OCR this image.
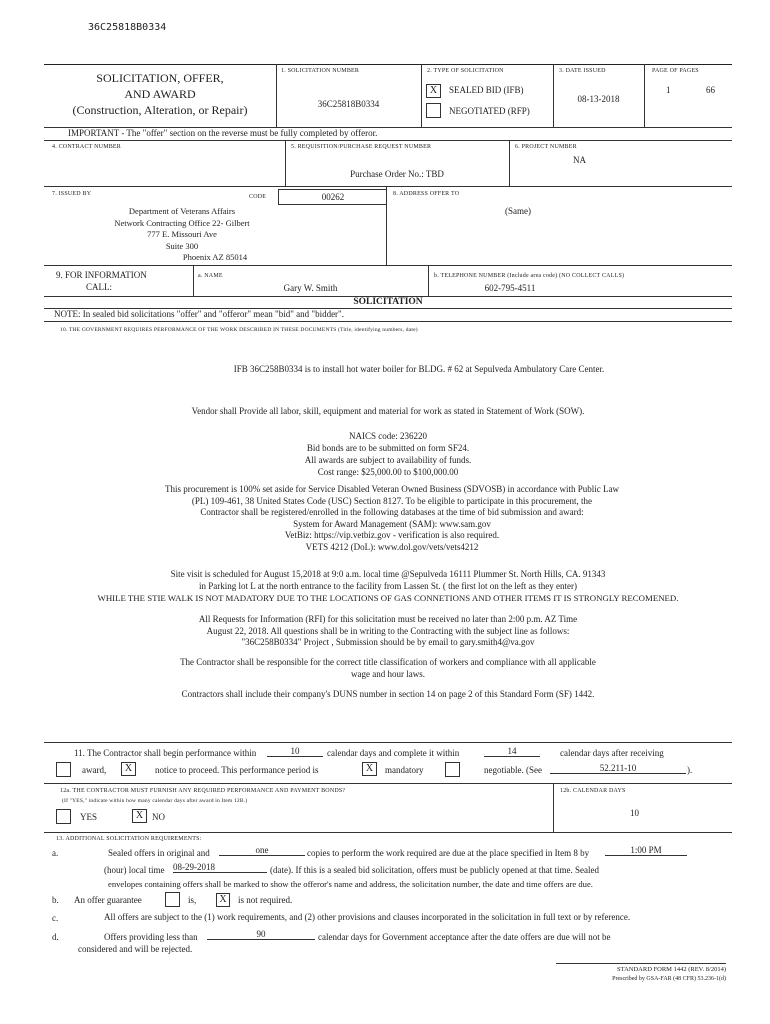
36C25818B0334
SOLICITATION, OFFER,
AND AWARD
(Construction, Alteration, or Repair)
1. SOLICITATION NUMBER
36C25818B0334
2. TYPE OF SOLICITATION
X	SEALED BID (IFB)
NEGOTIATED (RFP)
3. DATE ISSUED
08-13-2018
PAGE OF PAGES
1	66
IMPORTANT - The "offer" section on the reverse must be fully completed by offeror.
4. CONTRACT NUMBER	5. REQUISITION/PURCHASE REQUEST NUMBER
Purchase Order No.: TBD
6. PROJECT NUMBER
NA
7. ISSUED BY	CODE	00262	8. ADDRESS OFFER TO
(Same)
Department of Veterans Affairs
Network Contracting Office 22- Gilbert
777 E. Missouri Ave
Suite 300
Phoenix AZ 85014
9. FOR INFORMATION
CALL:
a. NAME
Gary W. Smith
b. TELEPHONE NUMBER (Include area code) (NO COLLECT CALLS)
602-795-4511
SOLICITATION
NOTE: In sealed bid solicitations "offer" and "offeror" mean "bid" and "bidder".
10. THE GOVERNMENT REQUIRES PERFORMANCE OF THE WORK DESCRIBED IN THESE DOCUMENTS (Title, identifying numbers, date)
IFB 36C258B0334 is to install hot water boiler for BLDG. # 62 at Sepulveda Ambulatory Care Center.
Vendor shall Provide all labor, skill, equipment and material for work as stated in Statement of Work (SOW).
NAICS code: 236220
Bid bonds are to be submitted on form SF24.
All awards are subject to availability of funds.
Cost range: $25,000.00 to $100,000.00
This procurement is 100% set aside for Service Disabled Veteran Owned Business (SDVOSB) in accordance with Public Law
(PL) 109-461, 38 United States Code (USC) Section 8127. To be eligible to participate in this procurement, the
Contractor shall be registered/enrolled in the following databases at the time of bid submission and award:
System for Award Management (SAM): www.sam.gov
VetBiz: https://vip.vetbiz.gov - verification is also required.
VETS 4212 (DoL): www.dol.gov/vets/vets4212
Site visit is scheduled for August 15,2018 at 9:0 a.m. local time @Sepulveda 16111 Plummer St. North Hills, CA. 91343
in Parking lot L at the north entrance to the facility from Lassen St. ( the first lot on the left as they enter)
WHILE THE STIE WALK IS NOT MADATORY DUE TO THE LOCATIONS OF GAS CONNETIONS AND OTHER ITEMS IT IS STRONGLY RECOMENED.
All Requests for Information (RFI) for this solicitation must be received no later than 2:00 p.m. AZ Time
August 22, 2018. All questions shall be in writing to the Contracting with the subject line as follows:
"36C258B0334" Project , Submission should be by email to gary.smith4@va.gov
The Contractor shall be responsible for the correct title classification of workers and compliance with all applicable
wage and hour laws.
Contractors shall include their company's DUNS number in section 14 on page 2 of this Standard Form (SF) 1442.
11. The Contractor shall begin performance within	10	calendar days and complete it within	14	calendar days after receiving
award,	X	notice to proceed. This performance period is	X	mandatory	negotiable. (See	52.211-10	).
12a. THE CONTRACTOR MUST FURNISH ANY REQUIRED PERFORMANCE AND PAYMENT BONDS?
(If "YES," indicate within how many calendar days after award in Item 12B.)
YES	X NO
12b. CALENDAR DAYS
10
13. ADDITIONAL SOLICITATION REQUIREMENTS:
a.	Sealed offers in original and	one	copies to perform the work required are due at the place specified in Item 8 by	1:00 PM
(hour) local time 08-29-2018	(date). If this is a sealed bid solicitation, offers must be publicly opened at that time. Sealed
envelopes containing offers shall be marked to show the offeror's name and address, the solicitation number, the date and time offers are due.
b. An offer guarantee	is,	X	is not required.
c.	All offers are subject to the (1) work requirements, and (2) other provisions and clauses incorporated in the solicitation in full text or by reference.
d.	Offers providing less than	90	calendar days for Government acceptance after the date offers are due will not be
considered and will be rejected.
STANDARD FORM 1442 (REV. 8/2014)
Prescribed by GSA-FAR (48 CFR) 53.236-1(d)
